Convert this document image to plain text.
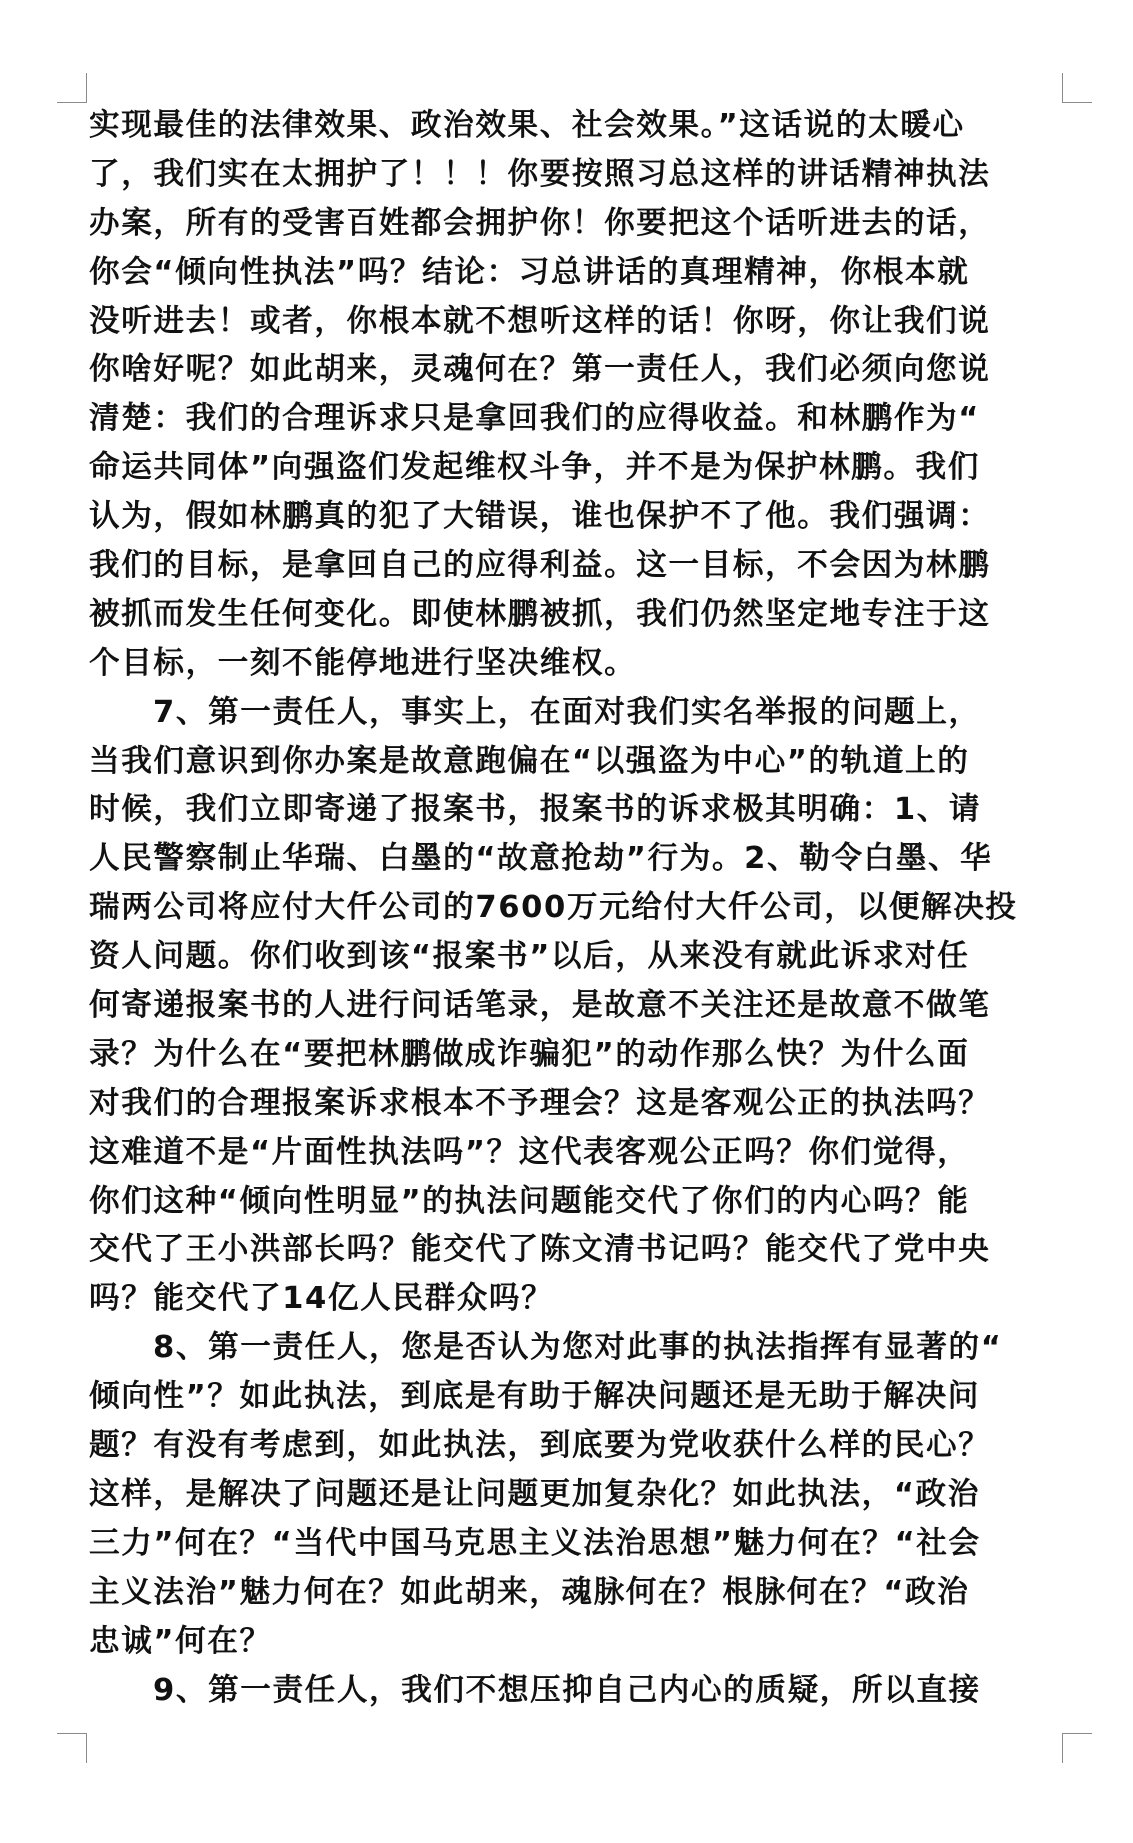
实现最佳的法律效果、政治效果、社会效果。”这话说的太暖心
了，我们实在太拥护了！！！你要按照习总这样的讲话精神执法
办案，所有的受害百姓都会拥护你！你要把这个话听进去的话，
你会“倾向性执法”吗？结论：习总讲话的真理精神，你根本就
没听进去！或者，你根本就不想听这样的话！你呀，你让我们说
你啥好呢？如此胡来，灵魂何在？第一责任人，我们必须向您说
清楚：我们的合理诉求只是拿回我们的应得收益。和林鹏作为“
命运共同体”向强盗们发起维权斗争，并不是为保护林鹏。我们
认为，假如林鹏真的犯了大错误，谁也保护不了他。我们强调：
我们的目标，是拿回自己的应得利益。这一目标，不会因为林鹏
被抓而发生任何变化。即使林鹏被抓，我们仍然坚定地专注于这
个目标，一刻不能停地进行坚决维权。
7、第一责任人，事实上，在面对我们实名举报的问题上，
当我们意识到你办案是故意跑偏在“以强盗为中心”的轨道上的
时候，我们立即寄递了报案书，报案书的诉求极其明确：1、请
人民警察制止华瑞、白墨的“故意抢劫”行为。2、勒令白墨、华
瑞两公司将应付大仟公司的7600万元给付大仟公司，以便解决投
资人问题。你们收到该“报案书”以后，从来没有就此诉求对任
何寄递报案书的人进行问话笔录，是故意不关注还是故意不做笔
录？为什么在“要把林鹏做成诈骗犯”的动作那么快？为什么面
对我们的合理报案诉求根本不予理会？这是客观公正的执法吗？
这难道不是“片面性执法吗”？这代表客观公正吗？你们觉得，
你们这种“倾向性明显”的执法问题能交代了你们的内心吗？能
交代了王小洪部长吗？能交代了陈文清书记吗？能交代了党中央
吗？能交代了14亿人民群众吗？
8、第一责任人，您是否认为您对此事的执法指挥有显著的“
倾向性”？如此执法，到底是有助于解决问题还是无助于解决问
题？有没有考虑到，如此执法，到底要为党收获什么样的民心？
这样，是解决了问题还是让问题更加复杂化？如此执法，“政治
三力”何在？“当代中国马克思主义法治思想”魅力何在？“社会
主义法治”魅力何在？如此胡来，魂脉何在？根脉何在？“政治
忠诚”何在？
9、第一责任人，我们不想压抑自己内心的质疑，所以直接
